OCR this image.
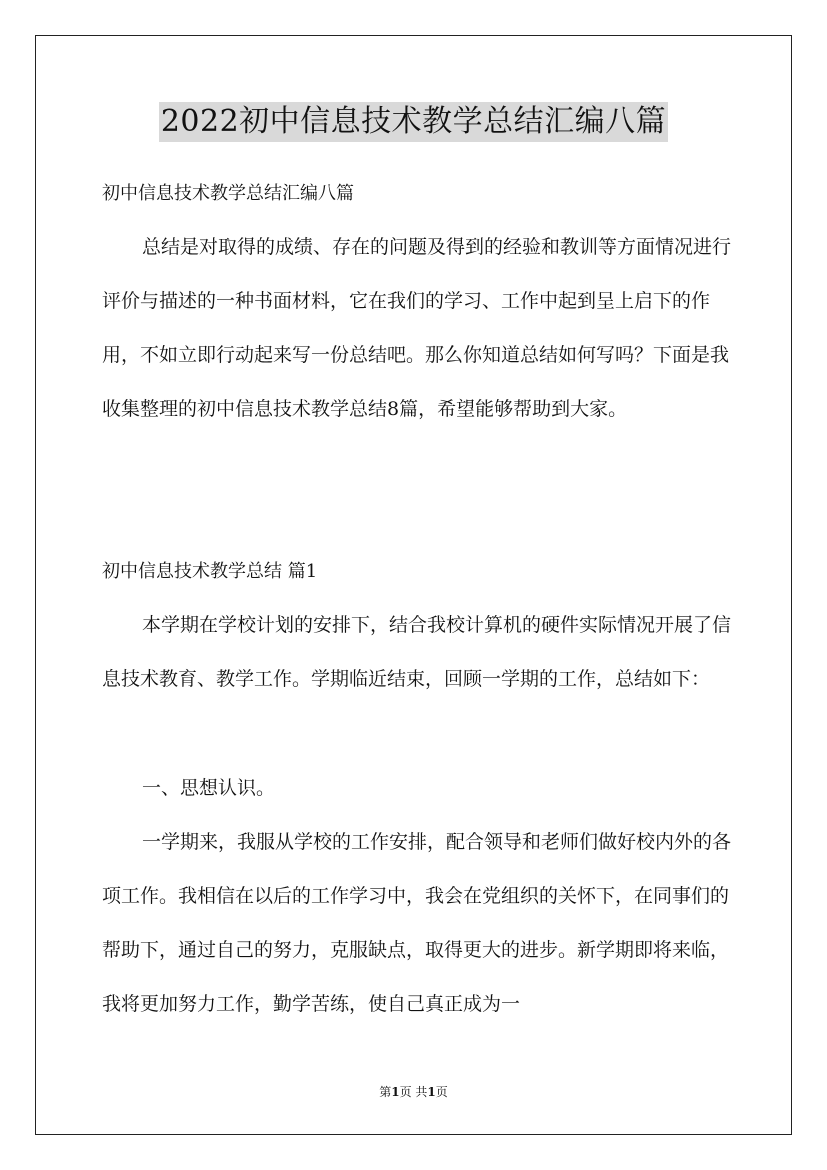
2022初中信息技术教学总结汇编八篇
初中信息技术教学总结汇编八篇
总结是对取得的成绩、存在的问题及得到的经验和教训等方面情况进行评价与描述的一种书面材料，它在我们的学习、工作中起到呈上启下的作用，不如立即行动起来写一份总结吧。那么你知道总结如何写吗？下面是我收集整理的初中信息技术教学总结8篇，希望能够帮助到大家。
初中信息技术教学总结 篇1
本学期在学校计划的安排下，结合我校计算机的硬件实际情况开展了信息技术教育、教学工作。学期临近结束，回顾一学期的工作，总结如下：
一、思想认识。
一学期来，我服从学校的工作安排，配合领导和老师们做好校内外的各项工作。我相信在以后的工作学习中，我会在党组织的关怀下，在同事们的帮助下，通过自己的努力，克服缺点，取得更大的进步。新学期即将来临，我将更加努力工作，勤学苦练，使自己真正成为一
第1页 共1页
